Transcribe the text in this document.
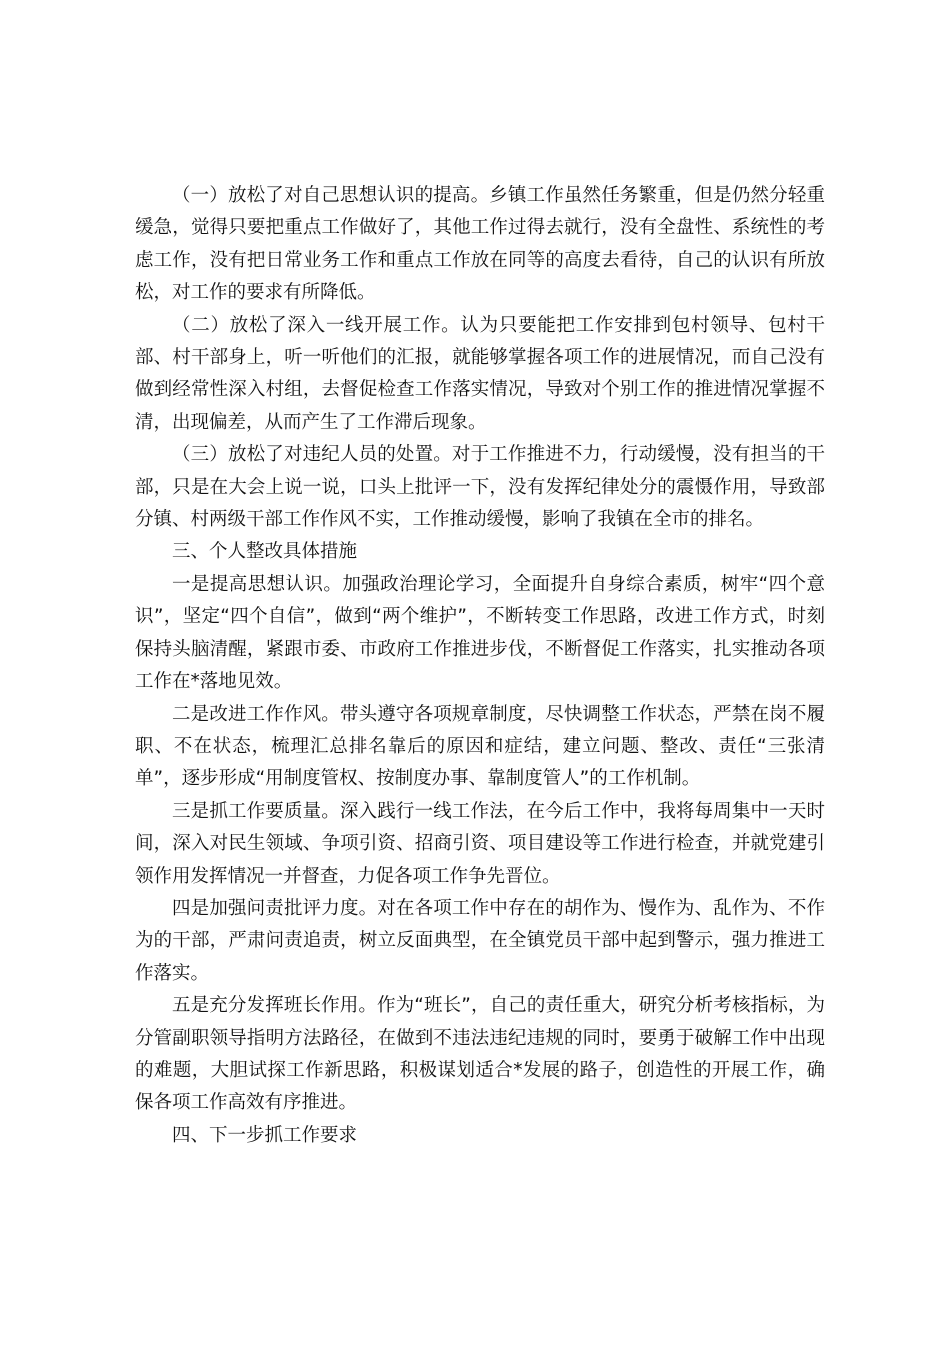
（一）放松了对自己思想认识的提高。乡镇工作虽然任务繁重，但是仍然分轻重缓急，觉得只要把重点工作做好了，其他工作过得去就行，没有全盘性、系统性的考虑工作，没有把日常业务工作和重点工作放在同等的高度去看待，自己的认识有所放松，对工作的要求有所降低。

（二）放松了深入一线开展工作。认为只要能把工作安排到包村领导、包村干部、村干部身上，听一听他们的汇报，就能够掌握各项工作的进展情况，而自己没有做到经常性深入村组，去督促检查工作落实情况，导致对个别工作的推进情况掌握不清，出现偏差，从而产生了工作滞后现象。

（三）放松了对违纪人员的处置。对于工作推进不力，行动缓慢，没有担当的干部，只是在大会上说一说，口头上批评一下，没有发挥纪律处分的震慑作用，导致部分镇、村两级干部工作作风不实，工作推动缓慢，影响了我镇在全市的排名。

三、个人整改具体措施

一是提高思想认识。加强政治理论学习，全面提升自身综合素质，树牢“四个意识”，坚定“四个自信”，做到“两个维护”，不断转变工作思路，改进工作方式，时刻保持头脑清醒，紧跟市委、市政府工作推进步伐，不断督促工作落实，扎实推动各项工作在*落地见效。

二是改进工作作风。带头遵守各项规章制度，尽快调整工作状态，严禁在岗不履职、不在状态，梳理汇总排名靠后的原因和症结，建立问题、整改、责任“三张清单”，逐步形成“用制度管权、按制度办事、靠制度管人”的工作机制。

三是抓工作要质量。深入践行一线工作法，在今后工作中，我将每周集中一天时间，深入对民生领域、争项引资、招商引资、项目建设等工作进行检查，并就党建引领作用发挥情况一并督查，力促各项工作争先晋位。

四是加强问责批评力度。对在各项工作中存在的胡作为、慢作为、乱作为、不作为的干部，严肃问责追责，树立反面典型，在全镇党员干部中起到警示，强力推进工作落实。

五是充分发挥班长作用。作为“班长”，自己的责任重大，研究分析考核指标，为分管副职领导指明方法路径，在做到不违法违纪违规的同时，要勇于破解工作中出现的难题，大胆试探工作新思路，积极谋划适合*发展的路子，创造性的开展工作，确保各项工作高效有序推进。

四、下一步抓工作要求
